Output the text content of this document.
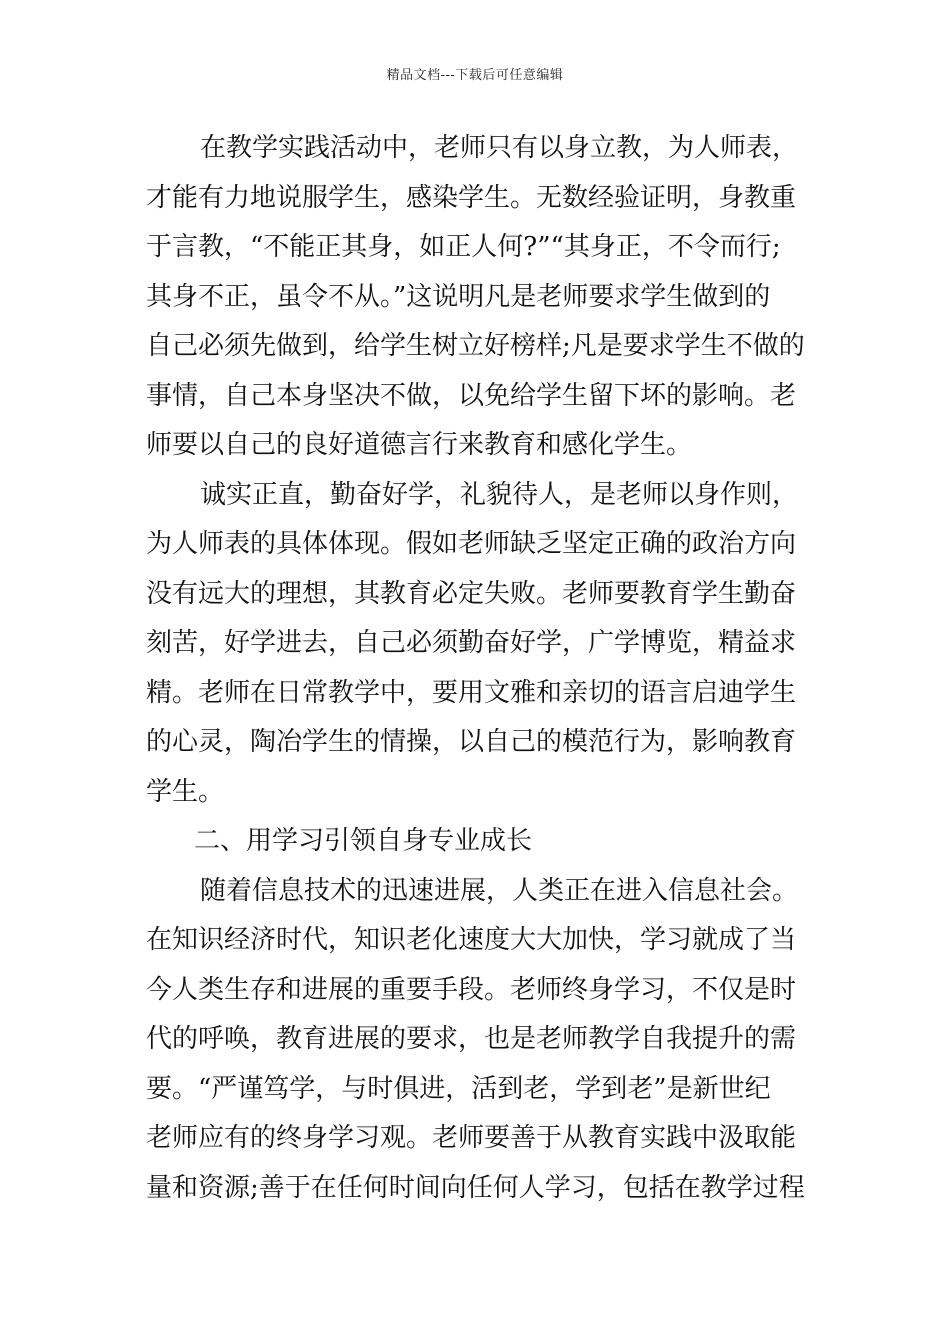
精品文档---下载后可任意编辑
在教学实践活动中，老师只有以身立教，为人师表，
才能有力地说服学生，感染学生。无数经验证明，身教重
于言教，“不能正其身，如正人何?”“其身正，不令而行;
其身不正，虽令不从。”这说明凡是老师要求学生做到的
自己必须先做到，给学生树立好榜样;凡是要求学生不做的
事情，自己本身坚决不做，以免给学生留下坏的影响。老
师要以自己的良好道德言行来教育和感化学生。
诚实正直，勤奋好学，礼貌待人，是老师以身作则，
为人师表的具体体现。假如老师缺乏坚定正确的政治方向
没有远大的理想，其教育必定失败。老师要教育学生勤奋
刻苦，好学进去，自己必须勤奋好学，广学博览，精益求
精。老师在日常教学中，要用文雅和亲切的语言启迪学生
的心灵，陶冶学生的情操，以自己的模范行为，影响教育
学生。
二、用学习引领自身专业成长
随着信息技术的迅速进展，人类正在进入信息社会。
在知识经济时代，知识老化速度大大加快，学习就成了当
今人类生存和进展的重要手段。老师终身学习，不仅是时
代的呼唤，教育进展的要求，也是老师教学自我提升的需
要。“严谨笃学，与时俱进，活到老，学到老”是新世纪
老师应有的终身学习观。老师要善于从教育实践中汲取能
量和资源;善于在任何时间向任何人学习，包括在教学过程
